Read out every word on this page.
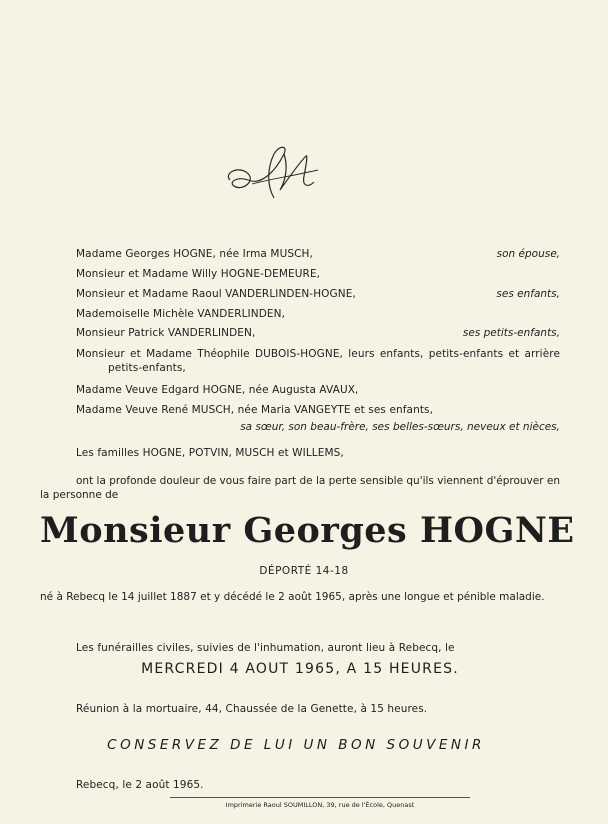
Madame Georges HOGNE, née Irma MUSCH,	son épouse,
Monsieur et Madame Willy HOGNE-DEMEURE,
Monsieur et Madame Raoul VANDERLINDEN-HOGNE,	ses enfants,
Mademoiselle Michèle VANDERLINDEN,
Monsieur Patrick VANDERLINDEN,	ses petits-enfants,
Monsieur et Madame Théophile DUBOIS-HOGNE, leurs enfants, petits-enfants et arrière
petits-enfants,
Madame Veuve Edgard HOGNE, née Augusta AVAUX,
Madame Veuve René MUSCH, née Maria VANGEYTE et ses enfants,
sa sœur, son beau-frère, ses belles-sœurs, neveux et nièces,
Les familles HOGNE, POTVIN, MUSCH et WILLEMS,
ont la profonde douleur de vous faire part de la perte sensible qu'ils viennent d'éprouver en la personne de
Monsieur Georges HOGNE
DÉPORTÉ 14-18
né à Rebecq le 14 juillet 1887 et y décédé le 2 août 1965, après une longue et pénible maladie.
Les funérailles civiles, suivies de l'inhumation, auront lieu à Rebecq, le
MERCREDI 4 AOUT 1965, A 15 HEURES.
Réunion à la mortuaire, 44, Chaussée de la Genette, à 15 heures.
CONSERVEZ DE LUI UN BON SOUVENIR
Rebecq, le 2 août 1965.
Imprimerie Raoul SOUMILLON, 39, rue de l'École, Quenast
